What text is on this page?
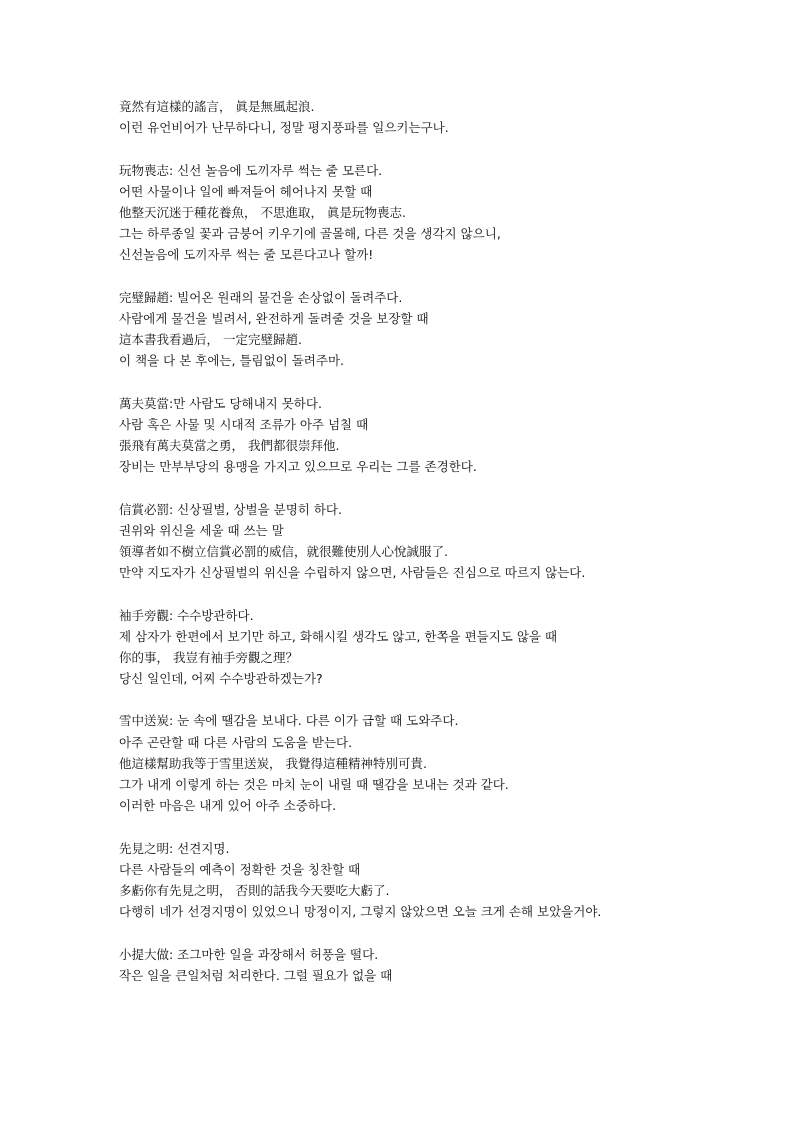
竟然有這樣的謠言， 眞是無風起浪.
이런 유언비어가 난무하다니, 정말 평지풍파를 일으키는구나.
玩物喪志: 신선 놀음에 도끼자루 썩는 줄 모른다.
어떤 사물이나 일에 빠져들어 헤어나지 못할 때
他整天沉迷于種花養魚， 不思進取， 眞是玩物喪志.
그는 하루종일 꽃과 금붕어 키우기에 골몰해, 다른 것을 생각지 않으니,
신선놀음에 도끼자루 썩는 줄 모른다고나 할까!
完璧歸趙: 빌어온 원래의 물건을 손상없이 돌려주다.
사람에게 물건을 빌려서, 완전하게 돌려줄 것을 보장할 때
這本書我看過后， 一定完璧歸趙.
이 책을 다 본 후에는, 틀림없이 돌려주마.
萬夫莫當:만 사람도 당해내지 못하다.
사람 혹은 사물 및 시대적 조류가 아주 넘칠 때
張飛有萬夫莫當之勇， 我們都很崇拜他.
장비는 만부부당의 용맹을 가지고 있으므로 우리는 그를 존경한다.
信賞必罰: 신상필벌, 상벌을 분명히 하다.
권위와 위신을 세울 때 쓰는 말
領導者如不樹立信賞必罰的威信，就很難使別人心悅誠服了.
만약 지도자가 신상필벌의 위신을 수립하지 않으면, 사람들은 진심으로 따르지 않는다.
袖手旁觀: 수수방관하다.
제 삼자가 한편에서 보기만 하고, 화해시킬 생각도 않고, 한쪽을 편들지도 않을 때
你的事， 我豈有袖手旁觀之理？
당신 일인데, 어찌 수수방관하겠는가?
雪中送炭: 눈 속에 땔감을 보내다. 다른 이가 급할 때 도와주다.
아주 곤란할 때 다른 사람의 도움을 받는다.
他這樣幫助我等于雪里送炭， 我覺得這種精神特別可貴.
그가 내게 이렇게 하는 것은 마치 눈이 내릴 때 땔감을 보내는 것과 같다.
이러한 마음은 내게 있어 아주 소중하다.
先見之明: 선견지명.
다른 사람들의 예측이 정확한 것을 칭찬할 때
多虧你有先見之明， 否則的話我今天要吃大虧了.
다행히 네가 선경지명이 있었으니 망정이지, 그렇지 않았으면 오늘 크게 손해 보았을거야.
小提大做: 조그마한 일을 과장해서 허풍을 떨다.
작은 일을 큰일처럼 처리한다. 그럴 필요가 없을 때
